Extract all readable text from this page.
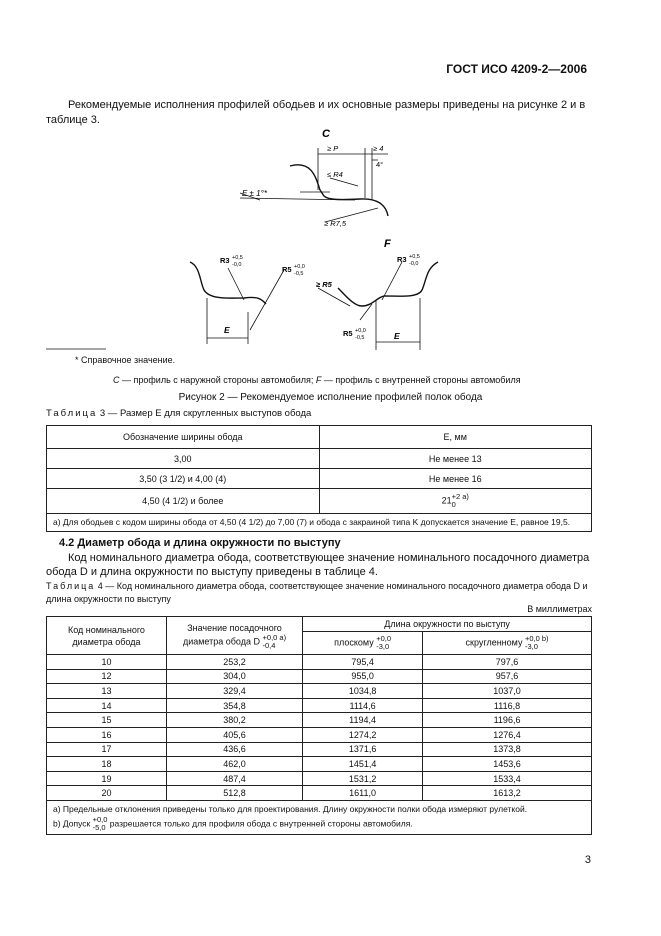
ГОСТ ИСО 4209-2—2006
Рекомендуемые исполнения профилей ободьев и их основные размеры приведены на рисунке 2 и в таблице 3.
C
≥ P	≥ 4
4°
≤ R4
≥ R7,5
E ± 1°*
R3 +0,5
-0,0	R5 +0,0
-0,5
E
F
R3 +0,5
-0,0
≥ R5
R5 +0,0
-0,5	E
* Справочное значение.
C — профиль с наружной стороны автомобиля; F — профиль с внутренней стороны автомобиля
Рисунок 2 — Рекомендуемое исполнение профилей полок обода
Таблица 3 — Размер E для скругленных выступов обода
Обозначение ширины обода	E, мм
3,00	Не менее 13
3,50 (3 1/2) и 4,00 (4)	Не менее 16
4,50 (4 1/2) и более	21+2 a)
0
a) Для ободьев с кодом ширины обода от 4,50 (4 1/2) до 7,00 (7) и обода с закраиной типа K допускается значение E, равное 19,5.	
4.2 Диаметр обода и длина окружности по выступу
Код номинального диаметра обода, соответствующее значение номинального посадочного диаметра обода D и длина окружности по выступу приведены в таблице 4.
Таблица 4 — Код номинального диаметра обода, соответствующее значение номинального посадочного диаметра обода D и длина окружности по выступу
В миллиметрах
Код номинального диаметра обода	Значение посадочного диаметра обода D +0,0 a)
-0,4	Длина окружности по выступу	
		плоскому +0,0
-3,0	скругленному +0,0 b)
-3,0
10	253,2	795,4	797,6
12	304,0	955,0	957,6
13	329,4	1034,8	1037,0
14	354,8	1114,6	1116,8
15	380,2	1194,4	1196,6
16	405,6	1274,2	1276,4
17	436,6	1371,6	1373,8
18	462,0	1451,4	1453,6
19	487,4	1531,2	1533,4
20	512,8	1611,0	1613,2

a) Предельные отклонения приведены только для проектирования. Длину окружности полки обода измеряют рулеткой.
b) Допуск +0,0
-5,0 разрешается только для профиля обода с внутренней стороны автомобиля.			
3
